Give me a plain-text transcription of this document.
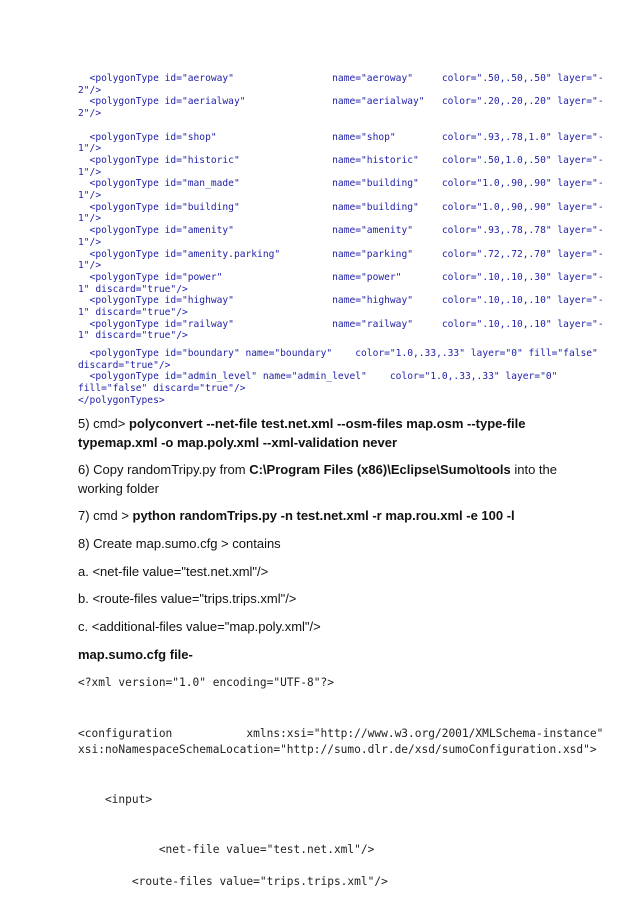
<polygonType id="aeroway"                 name="aeroway"     color=".50,.50,.50" layer="-
2"/>
<polygonType id="aerialway"               name="aerialway"   color=".20,.20,.20" layer="-
2"/>
<polygonType id="shop"                    name="shop"        color=".93,.78,1.0" layer="-
1"/>
<polygonType id="historic"                name="historic"    color=".50,1.0,.50" layer="-
1"/>
<polygonType id="man_made"                name="building"    color="1.0,.90,.90" layer="-
1"/>
<polygonType id="building"                name="building"    color="1.0,.90,.90" layer="-
1"/>
<polygonType id="amenity"                 name="amenity"     color=".93,.78,.78" layer="-
1"/>
<polygonType id="amenity.parking"         name="parking"     color=".72,.72,.70" layer="-
1"/>
<polygonType id="power"                   name="power"       color=".10,.10,.30" layer="-
1" discard="true"/>
<polygonType id="highway"                 name="highway"     color=".10,.10,.10" layer="-
1" discard="true"/>
<polygonType id="railway"                 name="railway"     color=".10,.10,.10" layer="-
1" discard="true"/>
<polygonType id="boundary" name="boundary"    color="1.0,.33,.33" layer="0" fill="false"
discard="true"/>
<polygonType id="admin_level" name="admin_level"    color="1.0,.33,.33" layer="0"
fill="false" discard="true"/>
</polygonTypes>
5) cmd> polyconvert --net-file test.net.xml --osm-files map.osm --type-file typemap.xml -o map.poly.xml --xml-validation never
6) Copy randomTripy.py from C:\Program Files (x86)\Eclipse\Sumo\tools into the working folder
7) cmd > python randomTrips.py -n test.net.xml -r map.rou.xml -e 100 -l
8) Create map.sumo.cfg > contains
a. <net-file value="test.net.xml"/>
b. <route-files value="trips.trips.xml"/>
c. <additional-files value="map.poly.xml"/>
map.sumo.cfg file-
<?xml version="1.0" encoding="UTF-8"?>
<configuration           xmlns:xsi="http://www.w3.org/2001/XMLSchema-instance"
xsi:noNamespaceSchemaLocation="http://sumo.dlr.de/xsd/sumoConfiguration.xsd">
<input>
<net-file value="test.net.xml"/>
<route-files value="trips.trips.xml"/>
